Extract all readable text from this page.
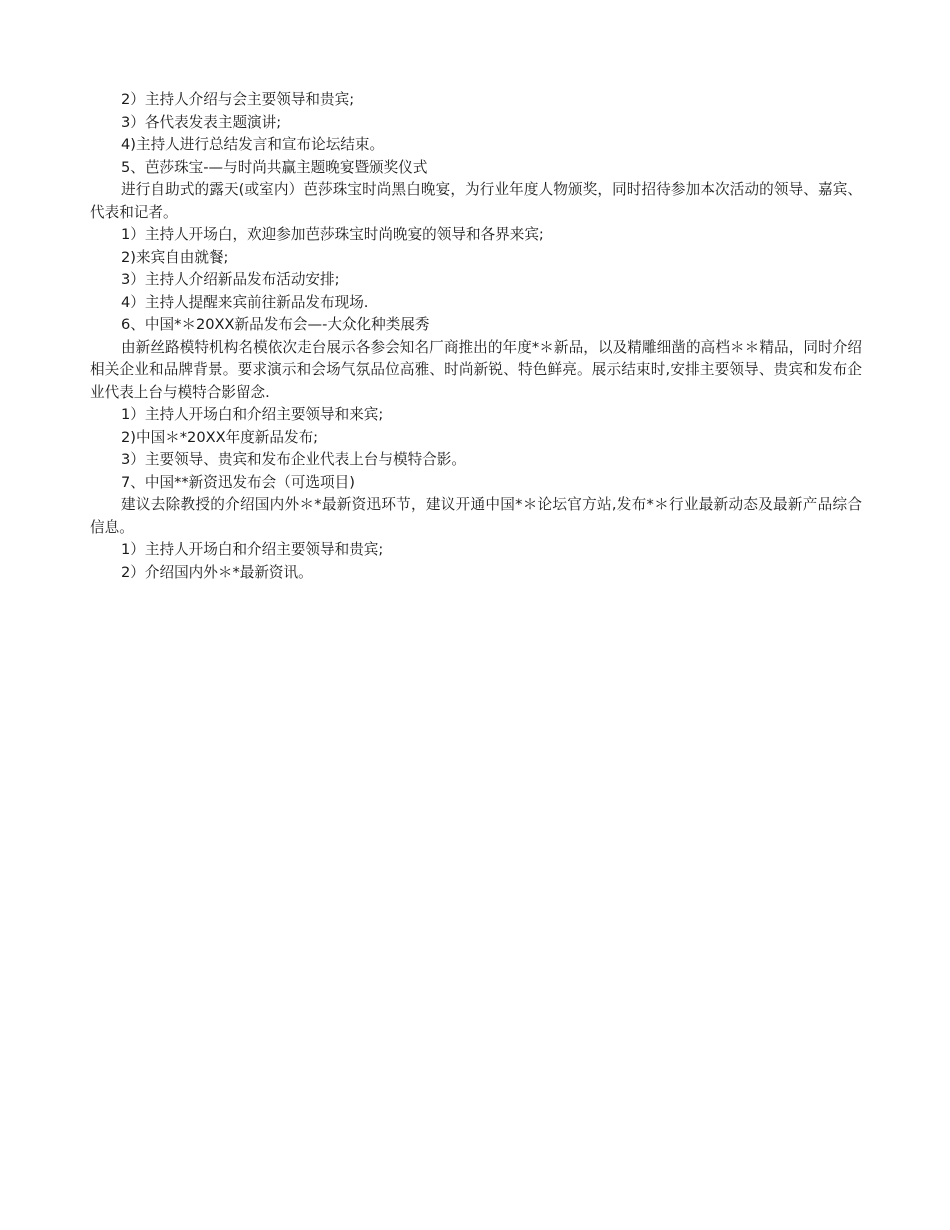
2）主持人介绍与会主要领导和贵宾;

3）各代表发表主题演讲;

4)主持人进行总结发言和宣布论坛结束。

5、芭莎珠宝-—与时尚共赢主题晚宴暨颁奖仪式

进行自助式的露天(或室内）芭莎珠宝时尚黑白晚宴，为行业年度人物颁奖，同时招待参加本次活动的领导、嘉宾、代表和记者。

1）主持人开场白，欢迎参加芭莎珠宝时尚晚宴的领导和各界来宾;

2)来宾自由就餐;

3）主持人介绍新品发布活动安排;

4）主持人提醒来宾前往新品发布现场.

6、中国*＊20XX新品发布会—-大众化种类展秀

由新丝路模特机构名模依次走台展示各参会知名厂商推出的年度*＊新品，以及精雕细凿的高档＊＊精品，同时介绍相关企业和品牌背景。要求演示和会场气氛品位高雅、时尚新锐、特色鲜亮。展示结束时,安排主要领导、贵宾和发布企业代表上台与模特合影留念.

1）主持人开场白和介绍主要领导和来宾;

2)中国＊*20XX年度新品发布;

3）主要领导、贵宾和发布企业代表上台与模特合影。

7、中国**新资迅发布会（可选项目)

建议去除教授的介绍国内外＊*最新资迅环节，建议开通中国*＊论坛官方站,发布*＊行业最新动态及最新产品综合信息。

1）主持人开场白和介绍主要领导和贵宾;

2）介绍国内外＊*最新资讯。
